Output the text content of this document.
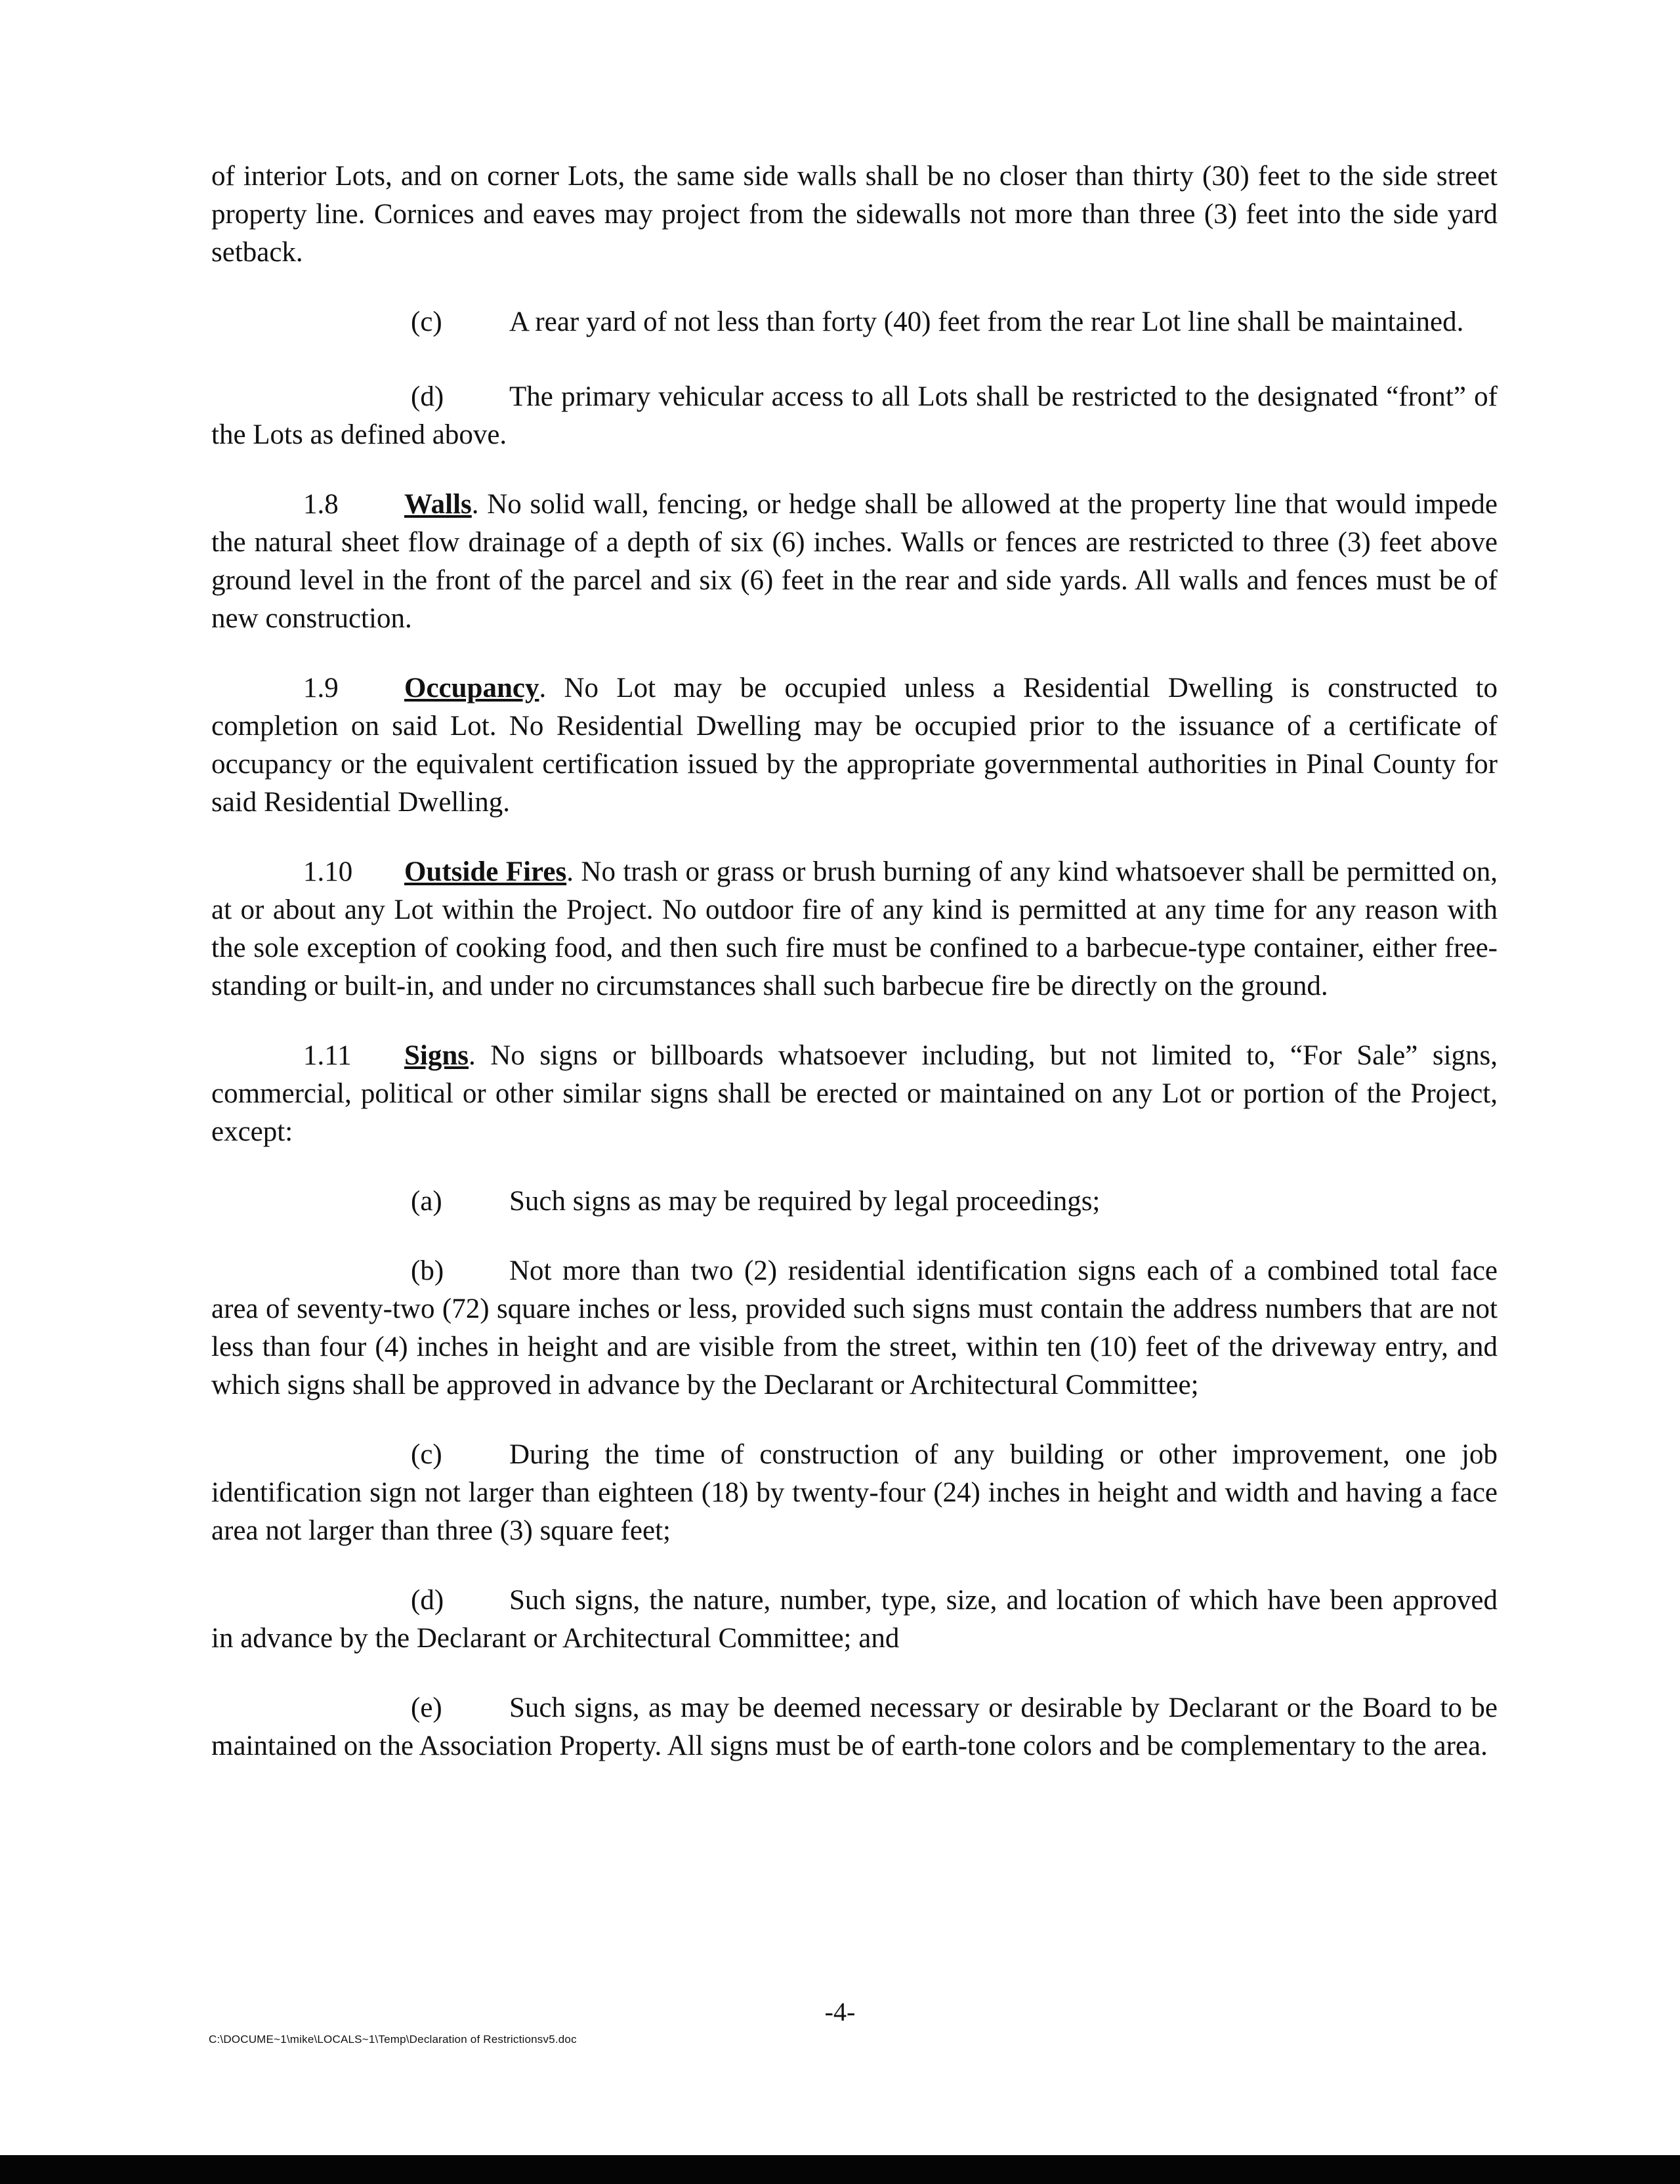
of interior Lots, and on corner Lots, the same side walls shall be no closer than thirty (30) feet to the side street property line. Cornices and eaves may project from the sidewalls not more than three (3) feet into the side yard setback.

(c) A rear yard of not less than forty (40) feet from the rear Lot line shall be maintained.

(d) The primary vehicular access to all Lots shall be restricted to the designated “front” of the Lots as defined above.

1.8 Walls. No solid wall, fencing, or hedge shall be allowed at the property line that would impede the natural sheet flow drainage of a depth of six (6) inches. Walls or fences are restricted to three (3) feet above ground level in the front of the parcel and six (6) feet in the rear and side yards. All walls and fences must be of new construction.

1.9 Occupancy. No Lot may be occupied unless a Residential Dwelling is constructed to completion on said Lot. No Residential Dwelling may be occupied prior to the issuance of a certificate of occupancy or the equivalent certification issued by the appropriate governmental authorities in Pinal County for said Residential Dwelling.

1.10 Outside Fires. No trash or grass or brush burning of any kind whatsoever shall be permitted on, at or about any Lot within the Project. No outdoor fire of any kind is permitted at any time for any reason with the sole exception of cooking food, and then such fire must be confined to a barbecue-type container, either free-standing or built-in, and under no circumstances shall such barbecue fire be directly on the ground.

1.11 Signs. No signs or billboards whatsoever including, but not limited to, “For Sale” signs, commercial, political or other similar signs shall be erected or maintained on any Lot or portion of the Project, except:

(a) Such signs as may be required by legal proceedings;

(b) Not more than two (2) residential identification signs each of a combined total face area of seventy-two (72) square inches or less, provided such signs must contain the address numbers that are not less than four (4) inches in height and are visible from the street, within ten (10) feet of the driveway entry, and which signs shall be approved in advance by the Declarant or Architectural Committee;

(c) During the time of construction of any building or other improvement, one job identification sign not larger than eighteen (18) by twenty-four (24) inches in height and width and having a face area not larger than three (3) square feet;

(d) Such signs, the nature, number, type, size, and location of which have been approved in advance by the Declarant or Architectural Committee; and

(e) Such signs, as may be deemed necessary or desirable by Declarant or the Board to be maintained on the Association Property. All signs must be of earth-tone colors and be complementary to the area.

-4-
C:\DOCUME~1\mike\LOCALS~1\Temp\Declaration of Restrictionsv5.doc
